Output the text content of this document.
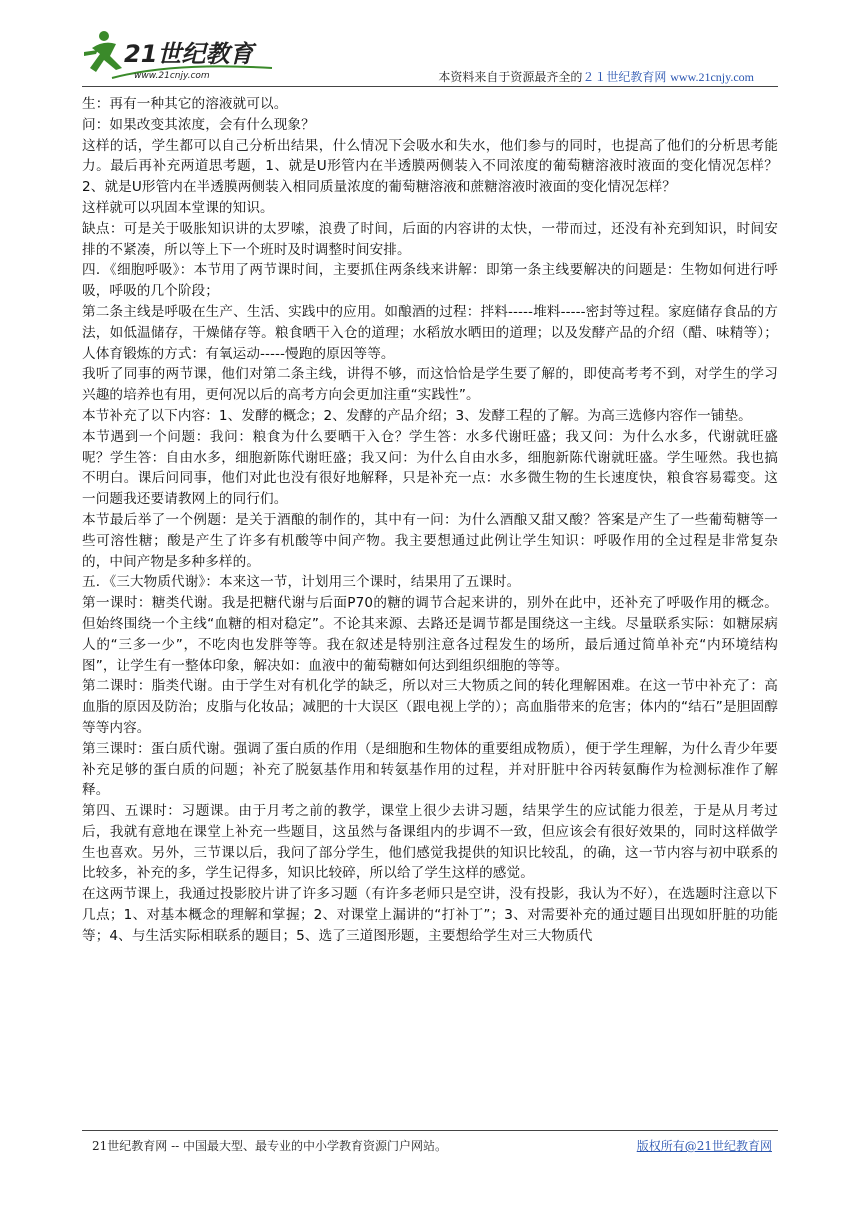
21世纪教育
www.21cnjy.com	本资料来自于资源最齐全的２１世纪教育网 www.21cnjy.com

生：再有一种其它的溶液就可以。

问：如果改变其浓度，会有什么现象？

这样的话，学生都可以自己分析出结果，什么情况下会吸水和失水，他们参与的同时，也提高了他们的分析思考能力。最后再补充两道思考题，1、就是U形管内在半透膜两侧装入不同浓度的葡萄糖溶液时液面的变化情况怎样？2、就是U形管内在半透膜两侧装入相同质量浓度的葡萄糖溶液和蔗糖溶液时液面的变化情况怎样？

这样就可以巩固本堂课的知识。

缺点：可是关于吸胀知识讲的太罗嗦，浪费了时间，后面的内容讲的太快，一带而过，还没有补充到知识，时间安排的不紧凑，所以等上下一个班时及时调整时间安排。

四．《细胞呼吸》：本节用了两节课时间，主要抓住两条线来讲解：即第一条主线要解决的问题是：生物如何进行呼吸，呼吸的几个阶段；

第二条主线是呼吸在生产、生活、实践中的应用。如酿酒的过程：拌料-----堆料-----密封等过程。家庭储存食品的方法，如低温储存，干燥储存等。粮食晒干入仓的道理；水稻放水晒田的道理；以及发酵产品的介绍（醋、味精等）；人体育锻炼的方式：有氧运动-----慢跑的原因等等。

我听了同事的两节课，他们对第二条主线，讲得不够，而这恰恰是学生要了解的，即使高考考不到，对学生的学习兴趣的培养也有用，更何况以后的高考方向会更加注重“实践性”。

本节补充了以下内容：1、发酵的概念；2、发酵的产品介绍；3、发酵工程的了解。为高三选修内容作一铺垫。

本节遇到一个问题：我问：粮食为什么要晒干入仓？学生答：水多代谢旺盛；我又问：为什么水多，代谢就旺盛呢？学生答：自由水多，细胞新陈代谢旺盛；我又问：为什么自由水多，细胞新陈代谢就旺盛。学生哑然。我也搞不明白。课后问同事，他们对此也没有很好地解释，只是补充一点：水多微生物的生长速度快，粮食容易霉变。这一问题我还要请教网上的同行们。

本节最后举了一个例题：是关于酒酿的制作的，其中有一问：为什么酒酿又甜又酸？答案是产生了一些葡萄糖等一些可溶性糖；酸是产生了许多有机酸等中间产物。我主要想通过此例让学生知识：呼吸作用的全过程是非常复杂的，中间产物是多种多样的。

五．《三大物质代谢》：本来这一节，计划用三个课时，结果用了五课时。

第一课时：糖类代谢。我是把糖代谢与后面P70的糖的调节合起来讲的，别外在此中，还补充了呼吸作用的概念。但始终围绕一个主线“血糖的相对稳定”。不论其来源、去路还是调节都是围绕这一主线。尽量联系实际：如糖尿病人的“三多一少”，不吃肉也发胖等等。我在叙述是特别注意各过程发生的场所，最后通过简单补充“内环境结构图”，让学生有一整体印象，解决如：血液中的葡萄糖如何达到组织细胞的等等。

第二课时：脂类代谢。由于学生对有机化学的缺乏，所以对三大物质之间的转化理解困难。在这一节中补充了：高血脂的原因及防治；皮脂与化妆品；减肥的十大误区（跟电视上学的）；高血脂带来的危害；体内的“结石”是胆固醇等等内容。

第三课时：蛋白质代谢。强调了蛋白质的作用（是细胞和生物体的重要组成物质），便于学生理解，为什么青少年要补充足够的蛋白质的问题；补充了脱氨基作用和转氨基作用的过程，并对肝脏中谷丙转氨酶作为检测标准作了解释。

第四、五课时：习题课。由于月考之前的教学，课堂上很少去讲习题，结果学生的应试能力很差，于是从月考过后，我就有意地在课堂上补充一些题目，这虽然与备课组内的步调不一致，但应该会有很好效果的，同时这样做学生也喜欢。另外，三节课以后，我问了部分学生，他们感觉我提供的知识比较乱，的确，这一节内容与初中联系的比较多，补充的多，学生记得多，知识比较碎，所以给了学生这样的感觉。

在这两节课上，我通过投影胶片讲了许多习题（有许多老师只是空讲，没有投影，我认为不好），在选题时注意以下几点；1、对基本概念的理解和掌握；2、对课堂上漏讲的“打补丁”；3、对需要补充的通过题目出现如肝脏的功能等；4、与生活实际相联系的题目；5、选了三道图形题，主要想给学生对三大物质代

21世纪教育网 -- 中国最大型、最专业的中小学教育资源门户网站。	版权所有@21世纪教育网
